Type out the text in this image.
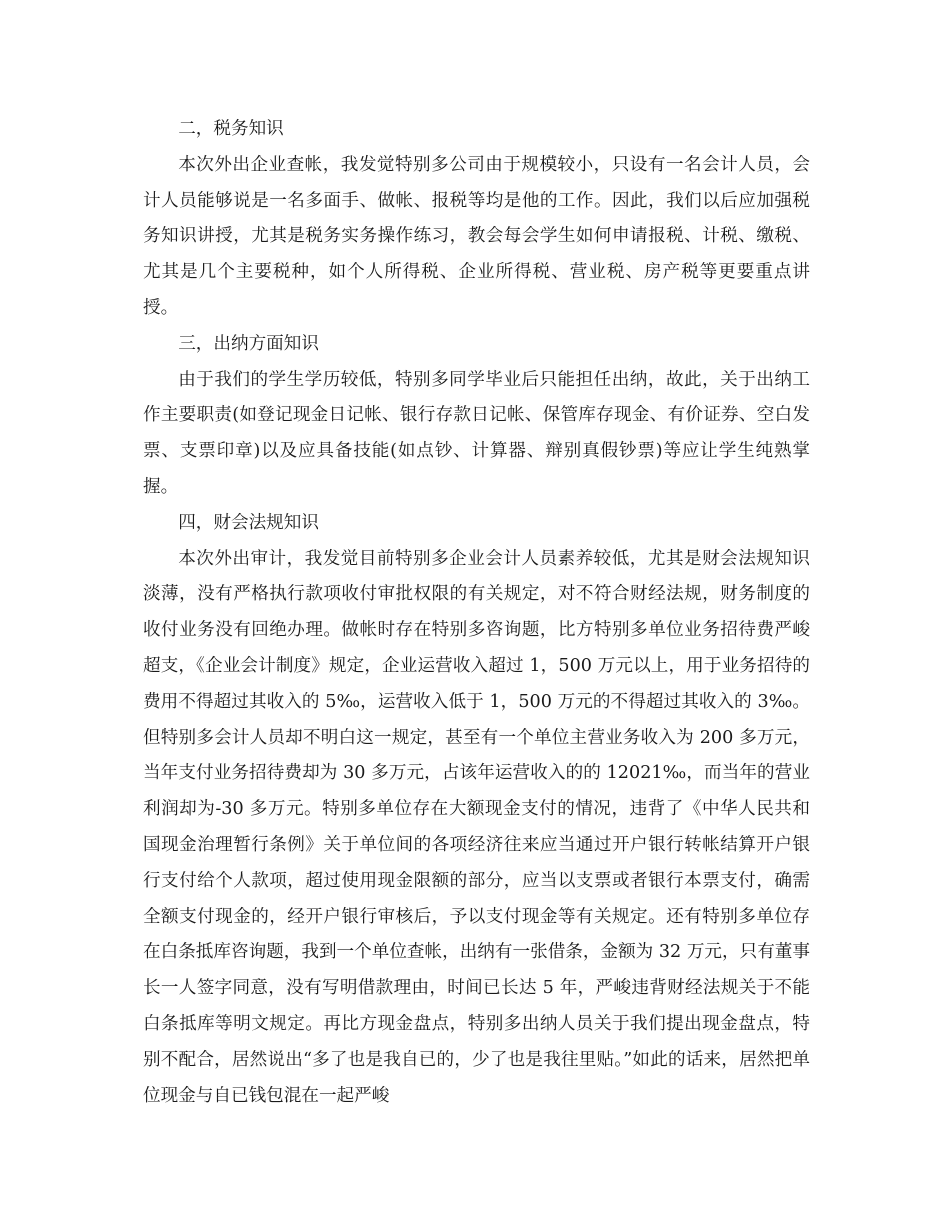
二，税务知识

本次外出企业查帐，我发觉特别多公司由于规模较小，只设有一名会计人员，会计人员能够说是一名多面手、做帐、报税等均是他的工作。因此，我们以后应加强税务知识讲授，尤其是税务实务操作练习，教会每会学生如何申请报税、计税、缴税、尤其是几个主要税种，如个人所得税、企业所得税、营业税、房产税等更要重点讲授。

三，出纳方面知识

由于我们的学生学历较低，特别多同学毕业后只能担任出纳，故此，关于出纳工作主要职责(如登记现金日记帐、银行存款日记帐、保管库存现金、有价证券、空白发票、支票印章)以及应具备技能(如点钞、计算器、辩别真假钞票)等应让学生纯熟掌握。

四，财会法规知识

本次外出审计，我发觉目前特别多企业会计人员素养较低，尤其是财会法规知识淡薄，没有严格执行款项收付审批权限的有关规定，对不符合财经法规，财务制度的收付业务没有回绝办理。做帐时存在特别多咨询题，比方特别多单位业务招待费严峻超支，《企业会计制度》规定，企业运营收入超过 1，500 万元以上，用于业务招待的费用不得超过其收入的 5‰，运营收入低于 1，500 万元的不得超过其收入的 3‰。但特别多会计人员却不明白这一规定，甚至有一个单位主营业务收入为 200 多万元，当年支付业务招待费却为 30 多万元，占该年运营收入的的 12021‰，而当年的营业利润却为-30 多万元。特别多单位存在大额现金支付的情况，违背了《中华人民共和国现金治理暂行条例》关于单位间的各项经济往来应当通过开户银行转帐结算开户银行支付给个人款项，超过使用现金限额的部分，应当以支票或者银行本票支付，确需全额支付现金的，经开户银行审核后，予以支付现金等有关规定。还有特别多单位存在白条抵库咨询题，我到一个单位查帐，出纳有一张借条，金额为 32 万元，只有董事长一人签字同意，没有写明借款理由，时间已长达 5 年，严峻违背财经法规关于不能白条抵库等明文规定。再比方现金盘点，特别多出纳人员关于我们提出现金盘点，特别不配合，居然说出“多了也是我自已的，少了也是我往里贴。”如此的话来，居然把单位现金与自已钱包混在一起严峻
